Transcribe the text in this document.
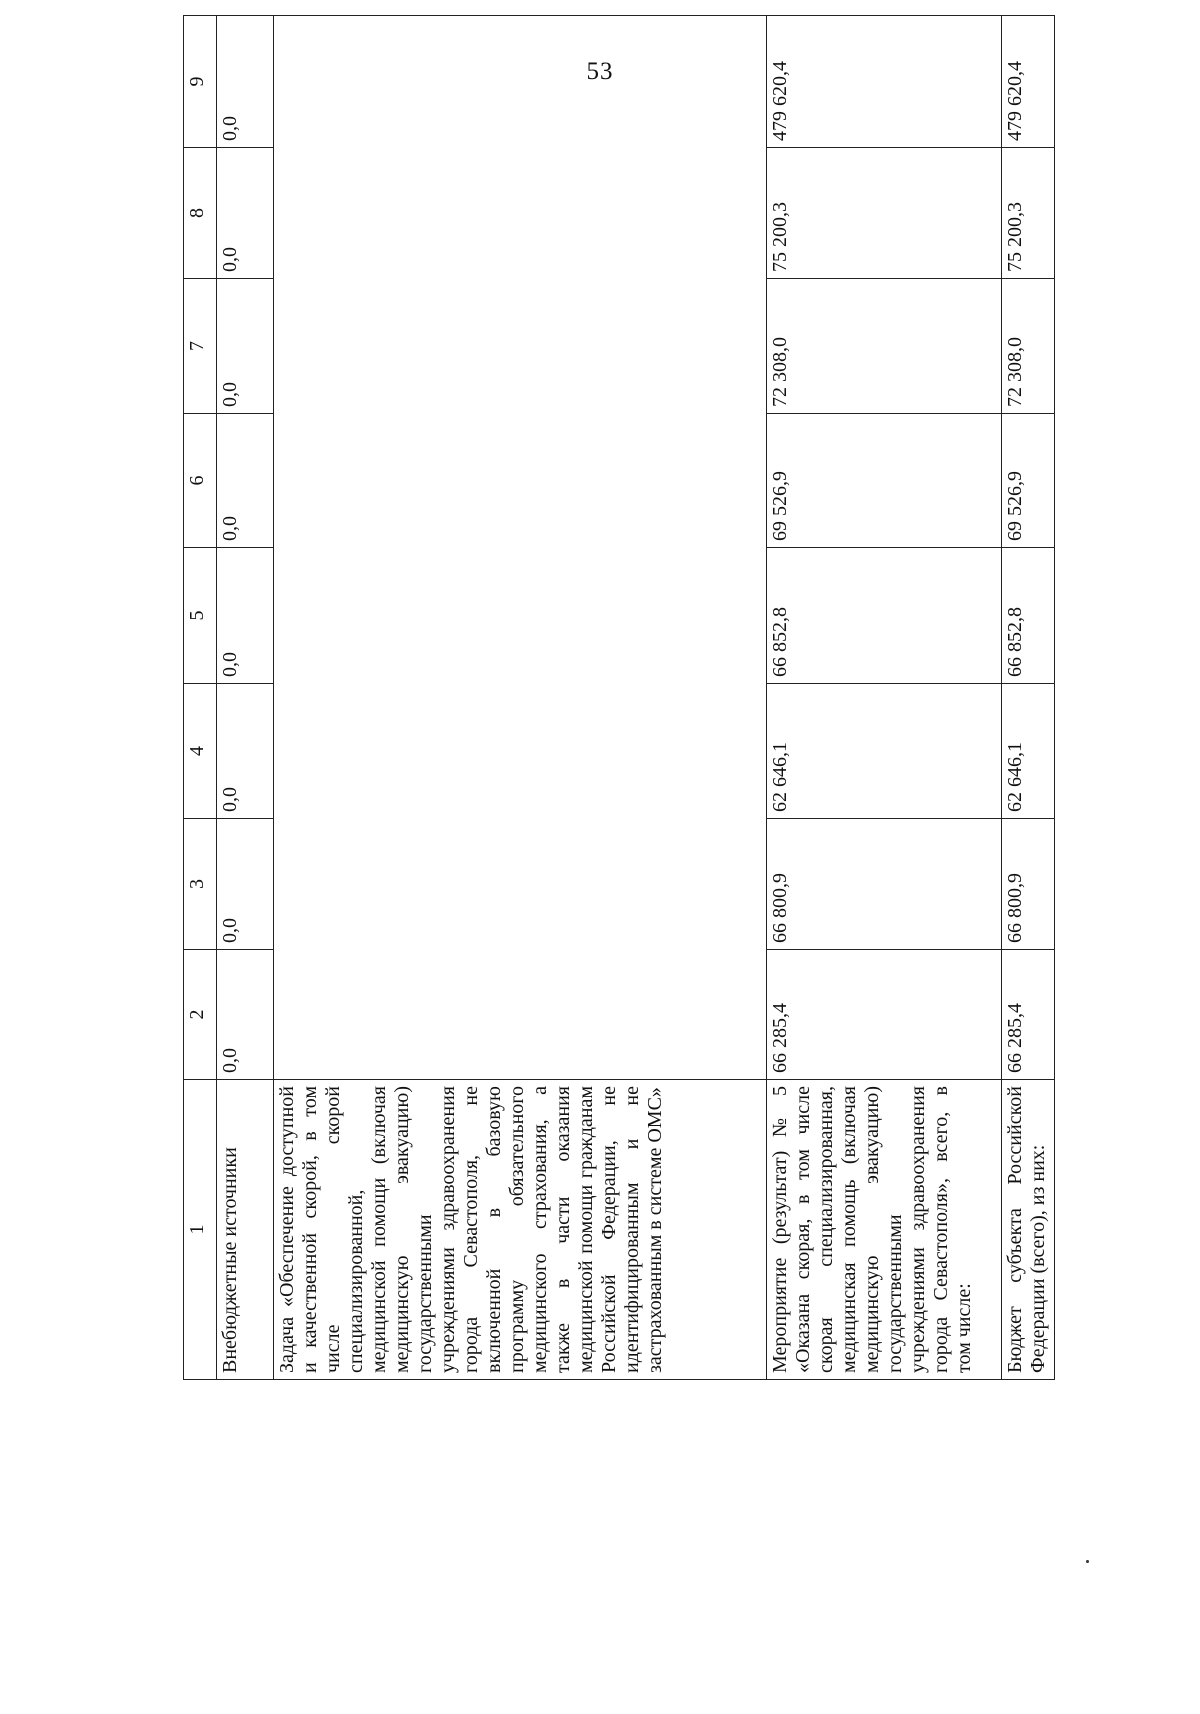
53
1	2	3	4	5	6	7	8	9
Внебюджетные источники	0,0	0,0	0,0	0,0	0,0	0,0	0,0	0,0
Задача «Обеспечение доступной и качественной скорой, в том числе скорой специализированной, медицинской помощи (включая медицинскую эвакуацию) государственными учреждениями здравоохранения города Севастополя, не включенной в базовую программу обязательного медицинского страхования, а также в части оказания медицинской помощи гражданам Российской Федерации, не идентифицированным и не застрахованным в системе ОМС»								
Мероприятие (результат) № 5 «Оказана скорая, в том числе скорая специализированная, медицинская помощь (включая медицинскую эвакуацию) государственными учреждениями здравоохранения города Севастополя», всего, в том числе:	66 285,4	66 800,9	62 646,1	66 852,8	69 526,9	72 308,0	75 200,3	479 620,4
Бюджет субъекта Российской Федерации (всего), из них:	66 285,4	66 800,9	62 646,1	66 852,8	69 526,9	72 308,0	75 200,3	479 620,4
